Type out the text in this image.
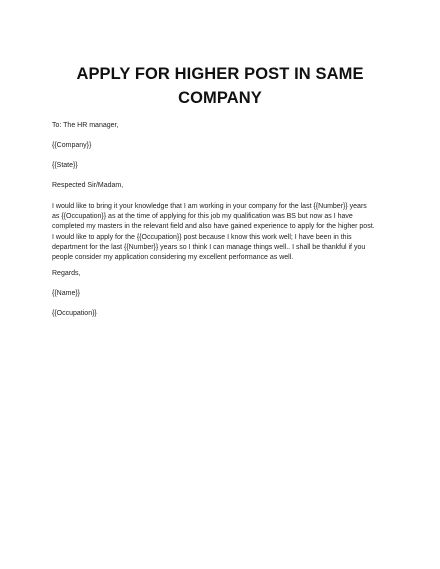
APPLY FOR HIGHER POST IN SAME
COMPANY

To: The HR manager,

{{Company}}

{{State}}

Respected Sir/Madam,

I would like to bring it your knowledge that I am working in your company for the last {{Number}} years
as {{Occupation}} as at the time of applying for this job my qualification was BS but now as I have
completed my masters in the relevant field and also have gained experience to apply for the higher post.
I would like to apply for the {{Occupation}} post because I know this work well; I have been in this
department for the last {{Number}} years so I think I can manage things well.. I shall be thankful if you
people consider my application considering my excellent performance as well.

Regards,

{{Name}}

{{Occupation}}
